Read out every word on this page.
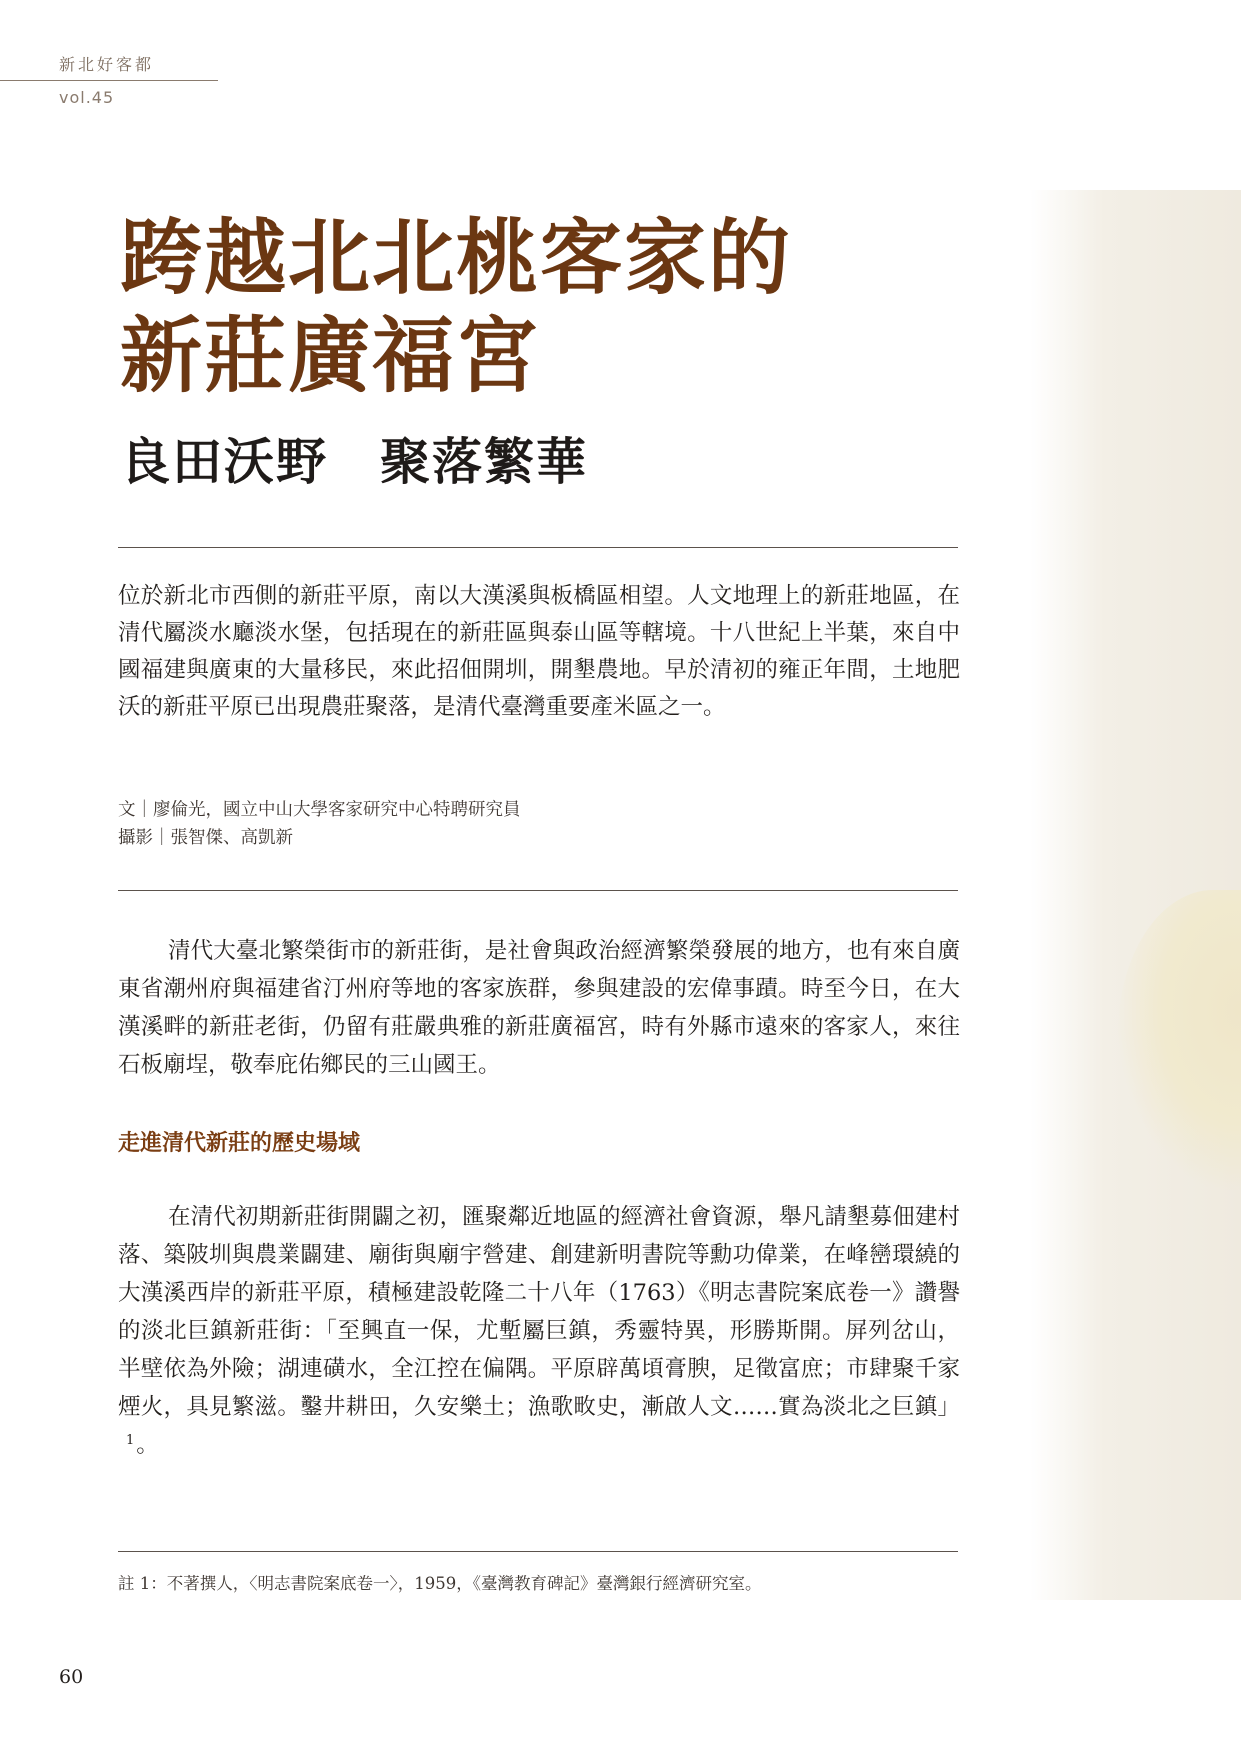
新北好客都

vol.45

跨越北北桃客家的
新莊廣福宮
良田沃野　聚落繁華

位於新北市西側的新莊平原，南以大漢溪與板橋區相望。人文地理上的新莊地區，在清代屬淡水廳淡水堡，包括現在的新莊區與泰山區等轄境。十八世紀上半葉，來自中國福建與廣東的大量移民，來此招佃開圳，開墾農地。早於清初的雍正年間，土地肥沃的新莊平原已出現農莊聚落，是清代臺灣重要產米區之一。

文｜廖倫光，國立中山大學客家研究中心特聘研究員
攝影｜張智傑、高凱新

清代大臺北繁榮街市的新莊街，是社會與政治經濟繁榮發展的地方，也有來自廣東省潮州府與福建省汀州府等地的客家族群，參與建設的宏偉事蹟。時至今日，在大漢溪畔的新莊老街，仍留有莊嚴典雅的新莊廣福宮，時有外縣市遠來的客家人，來往石板廟埕，敬奉庇佑鄉民的三山國王。

走進清代新莊的歷史場域

在清代初期新莊街開闢之初，匯聚鄰近地區的經濟社會資源，舉凡請墾募佃建村落、築陂圳與農業闢建、廟街與廟宇營建、創建新明書院等勳功偉業，在峰巒環繞的大漢溪西岸的新莊平原，積極建設乾隆二十八年（1763）《明志書院案底卷一》讚譽的淡北巨鎮新莊街：「至興直一保，尤塹屬巨鎮，秀靈特異，形勝斯開。屏列岔山，半壁依為外險；湖連磺水，全江控在偏隅。平原辟萬頃膏腴，足徵富庶；市肆聚千家煙火，具見繁滋。鑿井耕田，久安樂土；漁歌畋史，漸啟人文……實為淡北之巨鎮」$^1$。

註 1：不著撰人，〈明志書院案底卷一〉，1959，《臺灣教育碑記》臺灣銀行經濟研究室。

60
